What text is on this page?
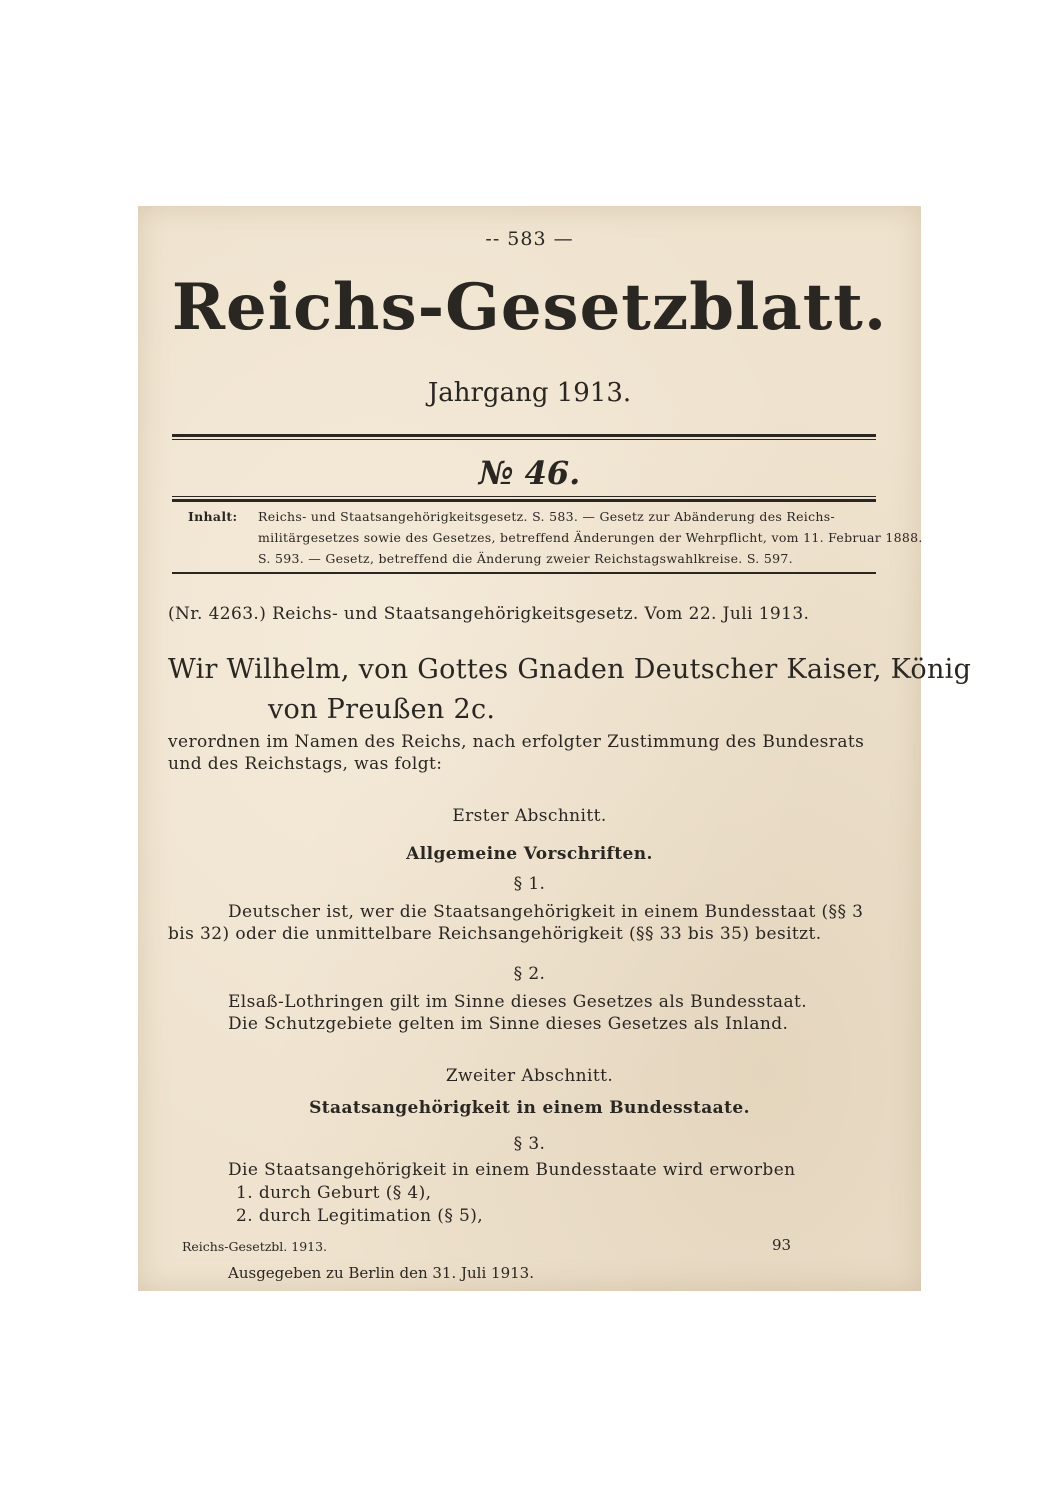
-- 583 —
Reichs-Gesetzblatt.
Jahrgang 1913.
№ 46.
Inhalt: Reichs- und Staatsangehörigkeitsgesetz. S. 583. — Gesetz zur Abänderung des Reichs-
militärgesetzes sowie des Gesetzes, betreffend Änderungen der Wehrpflicht, vom 11. Februar 1888.
S. 593. — Gesetz, betreffend die Änderung zweier Reichstagswahlkreise. S. 597.
(Nr. 4263.) Reichs- und Staatsangehörigkeitsgesetz. Vom 22. Juli 1913.
Wir Wilhelm, von Gottes Gnaden Deutscher Kaiser, König
von Preußen 2c.
verordnen im Namen des Reichs, nach erfolgter Zustimmung des Bundesrats
und des Reichstags, was folgt:
Erster Abschnitt.
Allgemeine Vorschriften.
§ 1.
Deutscher ist, wer die Staatsangehörigkeit in einem Bundesstaat (§§ 3
bis 32) oder die unmittelbare Reichsangehörigkeit (§§ 33 bis 35) besitzt.
§ 2.
Elsaß-Lothringen gilt im Sinne dieses Gesetzes als Bundesstaat.
Die Schutzgebiete gelten im Sinne dieses Gesetzes als Inland.
Zweiter Abschnitt.
Staatsangehörigkeit in einem Bundesstaate.
§ 3.
Die Staatsangehörigkeit in einem Bundesstaate wird erworben
1. durch Geburt (§ 4),
2. durch Legitimation (§ 5),
Reichs-Gesetzbl. 1913.	93
Ausgegeben zu Berlin den 31. Juli 1913.
